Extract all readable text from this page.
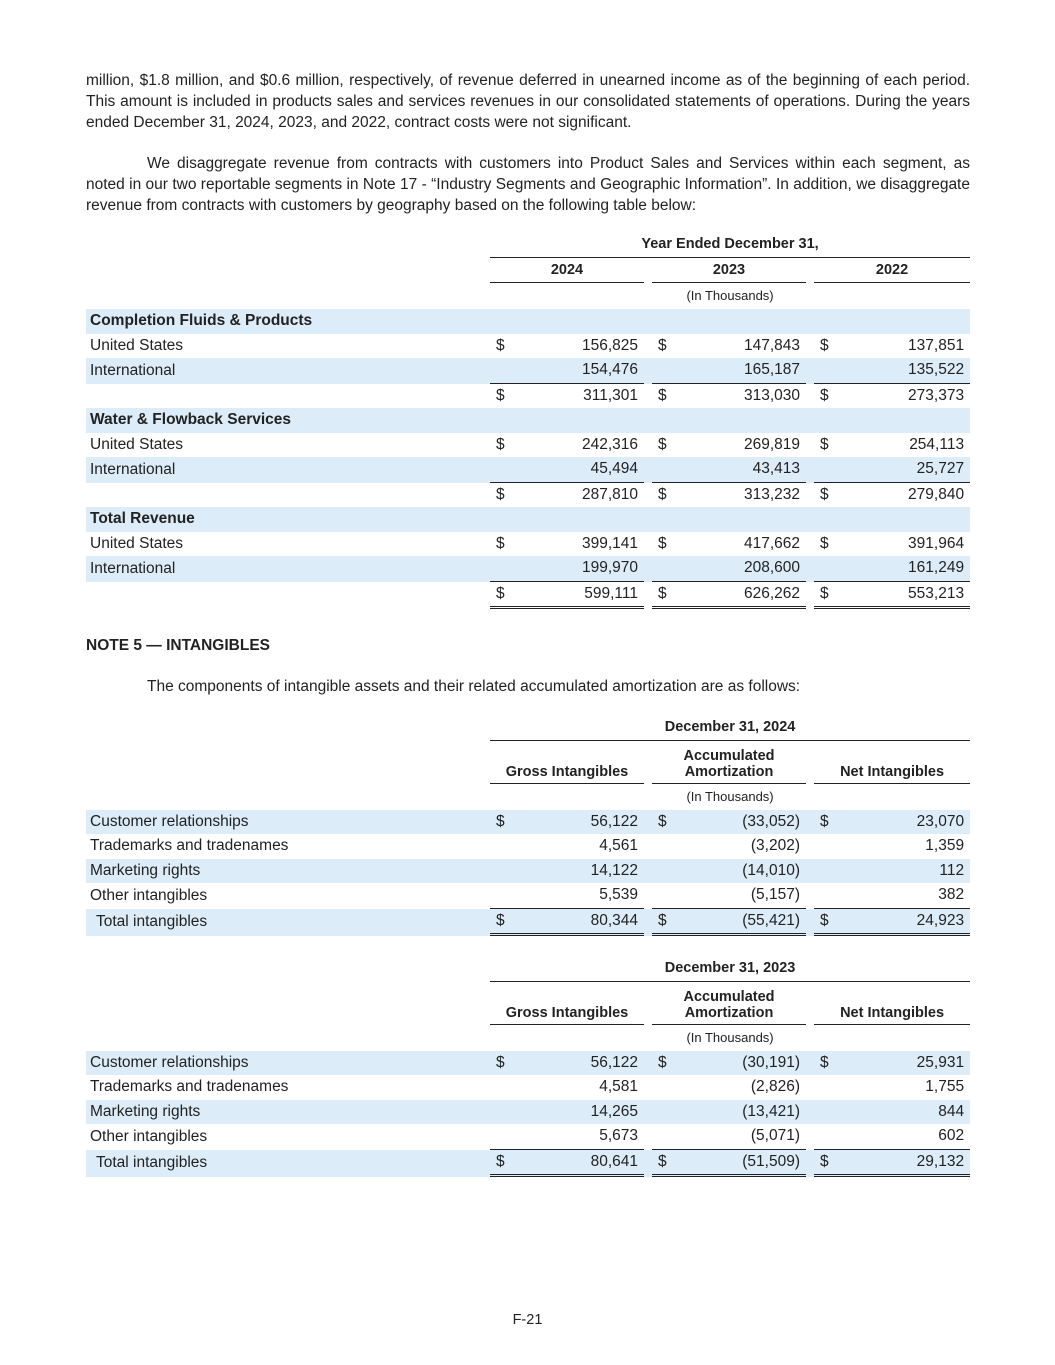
million, $1.8 million, and $0.6 million, respectively, of revenue deferred in unearned income as of the beginning of each period. This amount is included in products sales and services revenues in our consolidated statements of operations. During the years ended December 31, 2024, 2023, and 2022, contract costs were not significant.

We disaggregate revenue from contracts with customers into Product Sales and Services within each segment, as noted in our two reportable segments in Note 17 - “Industry Segments and Geographic Information”. In addition, we disaggregate revenue from contracts with customers by geography based on the following table below:

	Year Ended December 31,							
	2024			2023			2022	
	(In Thousands)							
Completion Fluids & Products								
United States	$	156,825		$	147,843		$	137,851
International		154,476			165,187			135,522
	$	311,301		$	313,030		$	273,373
Water & Flowback Services								
United States	$	242,316		$	269,819		$	254,113
International		45,494			43,413			25,727
	$	287,810		$	313,232		$	279,840
Total Revenue								
United States	$	399,141		$	417,662		$	391,964
International		199,970			208,600			161,249
	$	599,111		$	626,262		$	553,213
NOTE 5 — INTANGIBLES

The components of intangible assets and their related accumulated amortization are as follows:

	December 31, 2024							
	Gross Intangibles			Accumulated Amortization			Net Intangibles	
	(In Thousands)							
Customer relationships	$	56,122		$	(33,052)		$	23,070
Trademarks and tradenames		4,561			(3,202)			1,359
Marketing rights		14,122			(14,010)			112
Other intangibles		5,539			(5,157)			382
Total intangibles	$	80,344		$	(55,421)		$	24,923
	December 31, 2023							
	Gross Intangibles			Accumulated Amortization			Net Intangibles	
	(In Thousands)							
Customer relationships	$	56,122		$	(30,191)		$	25,931
Trademarks and tradenames		4,581			(2,826)			1,755
Marketing rights		14,265			(13,421)			844
Other intangibles		5,673			(5,071)			602
Total intangibles	$	80,641		$	(51,509)		$	29,132
F-21
